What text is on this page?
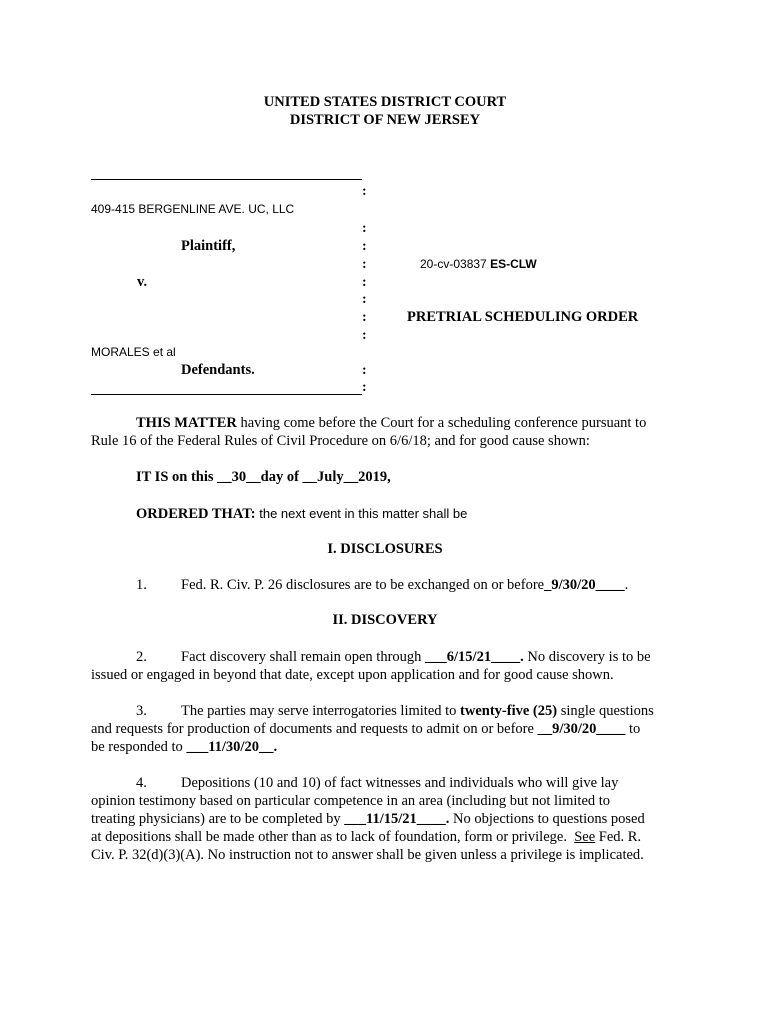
UNITED STATES DISTRICT COURT
DISTRICT OF NEW JERSEY
:
409-415 BERGENLINE AVE. UC, LLC
:
Plaintiff,	:
:	20-cv-03837 ES-CLW
v.	:
:
:	PRETRIAL SCHEDULING ORDER
:
MORALES et al
Defendants.	:
:
THIS MATTER having come before the Court for a scheduling conference pursuant to
Rule 16 of the Federal Rules of Civil Procedure on 6/6/18; and for good cause shown:
IT IS on this __30__day of __July__2019,
ORDERED THAT: the next event in this matter shall be
I. DISCLOSURES
1. Fed. R. Civ. P. 26 disclosures are to be exchanged on or before_9/30/20____.
II. DISCOVERY
2. Fact discovery shall remain open through ___6/15/21____. No discovery is to be
issued or engaged in beyond that date, except upon application and for good cause shown.
3. The parties may serve interrogatories limited to twenty-five (25) single questions
and requests for production of documents and requests to admit on or before __9/30/20____ to
be responded to ___11/30/20__.
4. Depositions (10 and 10) of fact witnesses and individuals who will give lay
opinion testimony based on particular competence in an area (including but not limited to
treating physicians) are to be completed by ___11/15/21____. No objections to questions posed
at depositions shall be made other than as to lack of foundation, form or privilege.  See Fed. R.
Civ. P. 32(d)(3)(A). No instruction not to answer shall be given unless a privilege is implicated.
